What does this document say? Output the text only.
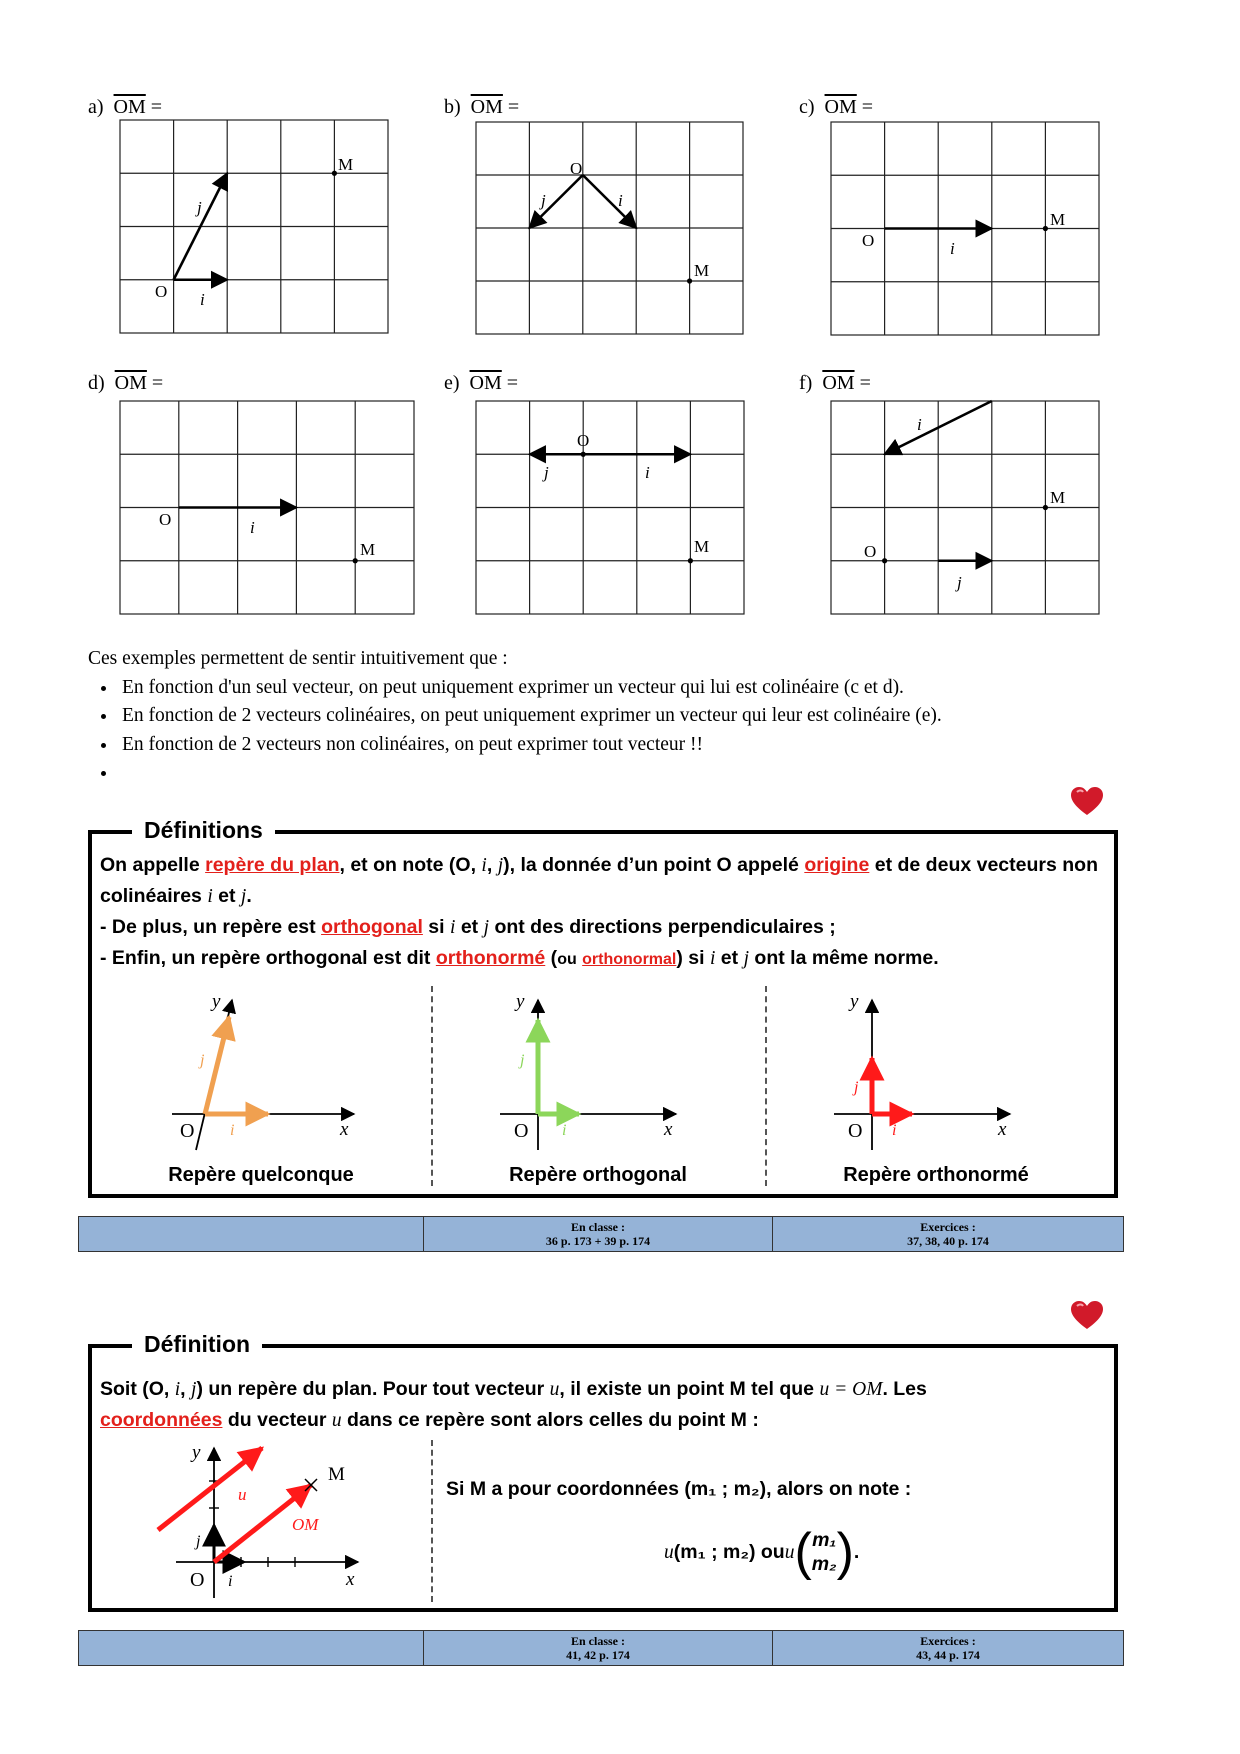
a) $\overline{OM}$ =	b) $\overline{OM}$ =	c) $\overline{OM}$ =
d) $\overline{OM}$ =	e) $\overline{OM}$ =	f) $\overline{OM}$ =
O
M
i
j
O
M
i
j
O
M
i
O
M
i
O
M
i
j
O
M
i
j
Ces exemples permettent de sentir intuitivement que :
• En fonction d'un seul vecteur, on peut uniquement exprimer un vecteur qui lui est colinéaire (c et d).
• En fonction de 2 vecteurs colinéaires, on peut uniquement exprimer un vecteur qui leur est colinéaire (e).
• En fonction de 2 vecteurs non colinéaires, on peut exprimer tout vecteur !!
•
Définitions
On appelle repère du plan, et on note (O, i, j), la donnée d’un point O appelé origine et de deux vecteurs non colinéaires i et j.
- De plus, un repère est orthogonal si i et j ont des directions perpendiculaires ;
- Enfin, un repère orthogonal est dit orthonormé (ou orthonormal) si i et j ont la même norme.
y
x
O i
j
y
x
O i
j
y
x
O i
j
Repère quelconque	Repère orthogonal	Repère orthonormé
En classe :
36 p. 173 + 39 p. 174
Exercices :
37, 38, 40 p. 174
Définition
Soit (O, i, j) un repère du plan. Pour tout vecteur u, il existe un point M tel que u = OM. Les
coordonnées du vecteur u dans ce repère sont alors celles du point M :
y
x
O
M
u
OM
i
j
Si M a pour coordonnées (m₁ ; m₂), alors on note :
u (m₁ ; m₂) ou u ( m₁
m₂ ) .
En classe :
41, 42 p. 174
Exercices :
43, 44 p. 174
